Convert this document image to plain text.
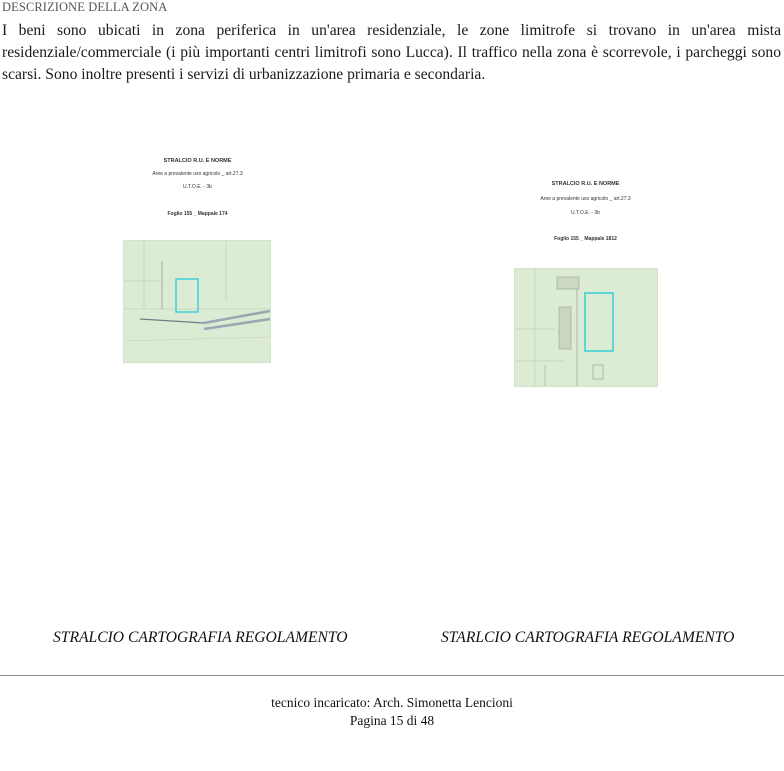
DESCRIZIONE DELLA ZONA
I beni sono ubicati in zona periferica in un'area residenziale, le zone limitrofe si trovano in un'area mista residenziale/commerciale (i più importanti centri limitrofi sono Lucca). Il traffico nella zona è scorrevole, i parcheggi sono scarsi. Sono inoltre presenti i servizi di urbanizzazione primaria e secondaria.
STRALCIO R.U. E NORME
Aree a prevalente uso agricolo _ art.27.3
U.T.O.E. - 3b
Foglio 155 _ Mappale 174
STRALCIO R.U. E NORME
Aree a prevalente uso agricolo _ art.27.3
U.T.O.E. - 3b
Foglio 155 _ Mappale 1812
STRALCIO CARTOGRAFIA REGOLAMENTO	STARLCIO CARTOGRAFIA REGOLAMENTO
tecnico incaricato: Arch. Simonetta Lencioni
Pagina 15 di 48
